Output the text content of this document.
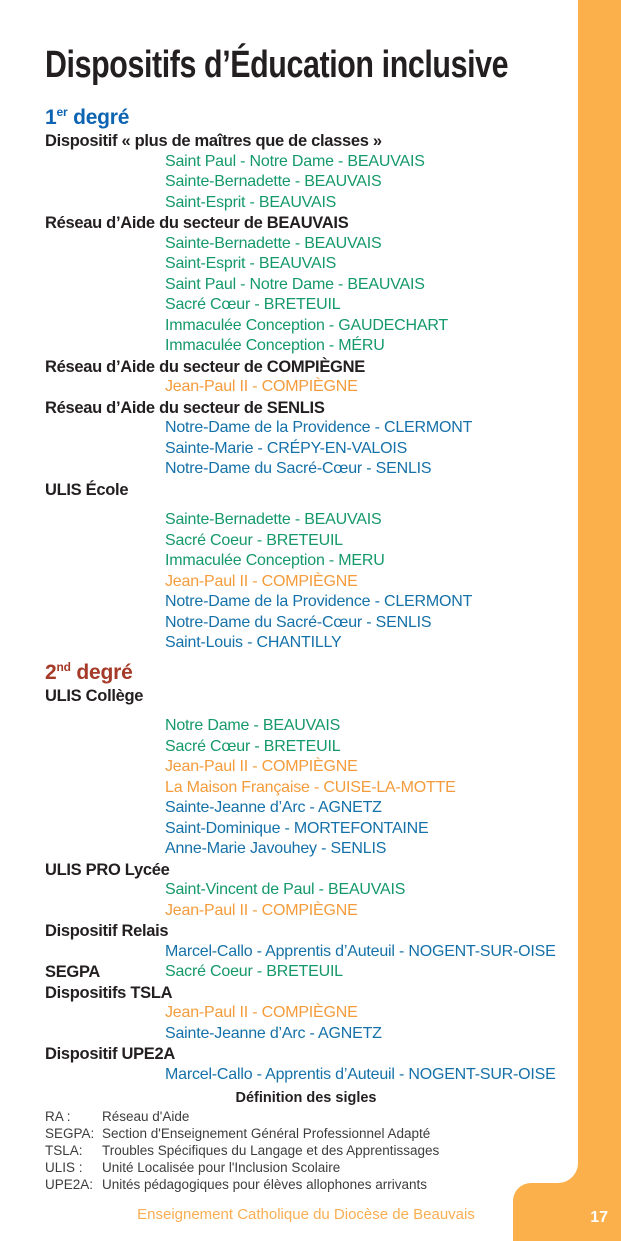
17
Dispositifs d’Éducation inclusive
1er degré
Dispositif « plus de maîtres que de classes »
Saint Paul - Notre Dame - BEAUVAIS
Sainte-Bernadette - BEAUVAIS
Saint-Esprit - BEAUVAIS
Réseau d’Aide du secteur de BEAUVAIS
Sainte-Bernadette - BEAUVAIS
Saint-Esprit - BEAUVAIS
Saint Paul - Notre Dame - BEAUVAIS
Sacré Cœur - BRETEUIL
Immaculée Conception - GAUDECHART
Immaculée Conception - MÉRU
Réseau d’Aide du secteur de COMPIÈGNE
Jean-Paul II - COMPIÈGNE
Réseau d’Aide du secteur de SENLIS
Notre-Dame de la Providence - CLERMONT
Sainte-Marie - CRÉPY-EN-VALOIS
Notre-Dame du Sacré-Cœur - SENLIS
ULIS École
Sainte-Bernadette - BEAUVAIS
Sacré Coeur - BRETEUIL
Immaculée Conception - MERU
Jean-Paul II - COMPIÈGNE
Notre-Dame de la Providence - CLERMONT
Notre-Dame du Sacré-Cœur - SENLIS
Saint-Louis - CHANTILLY
2nd degré
ULIS Collège
Notre Dame - BEAUVAIS
Sacré Cœur - BRETEUIL
Jean-Paul II - COMPIÈGNE
La Maison Française - CUISE-LA-MOTTE
Sainte-Jeanne d’Arc - AGNETZ
Saint-Dominique - MORTEFONTAINE
Anne-Marie Javouhey - SENLIS
ULIS PRO Lycée
Saint-Vincent de Paul - BEAUVAIS
Jean-Paul II - COMPIÈGNE
Dispositif Relais
Marcel-Callo - Apprentis d’Auteuil - NOGENT-SUR-OISE
SEGPA	Sacré Coeur - BRETEUIL
Dispositifs TSLA
Jean-Paul II - COMPIÈGNE
Sainte-Jeanne d’Arc - AGNETZ
Dispositif UPE2A
Marcel-Callo - Apprentis d’Auteuil - NOGENT-SUR-OISE
Définition des sigles
RA :	Réseau d'Aide
SEGPA: Section d'Enseignement Général Professionnel Adapté
TSLA:	Troubles Spécifiques du Langage et des Apprentissages
ULIS :	Unité Localisée pour l'Inclusion Scolaire
UPE2A: Unités pédagogiques pour élèves allophones arrivants
Enseignement Catholique du Diocèse de Beauvais
